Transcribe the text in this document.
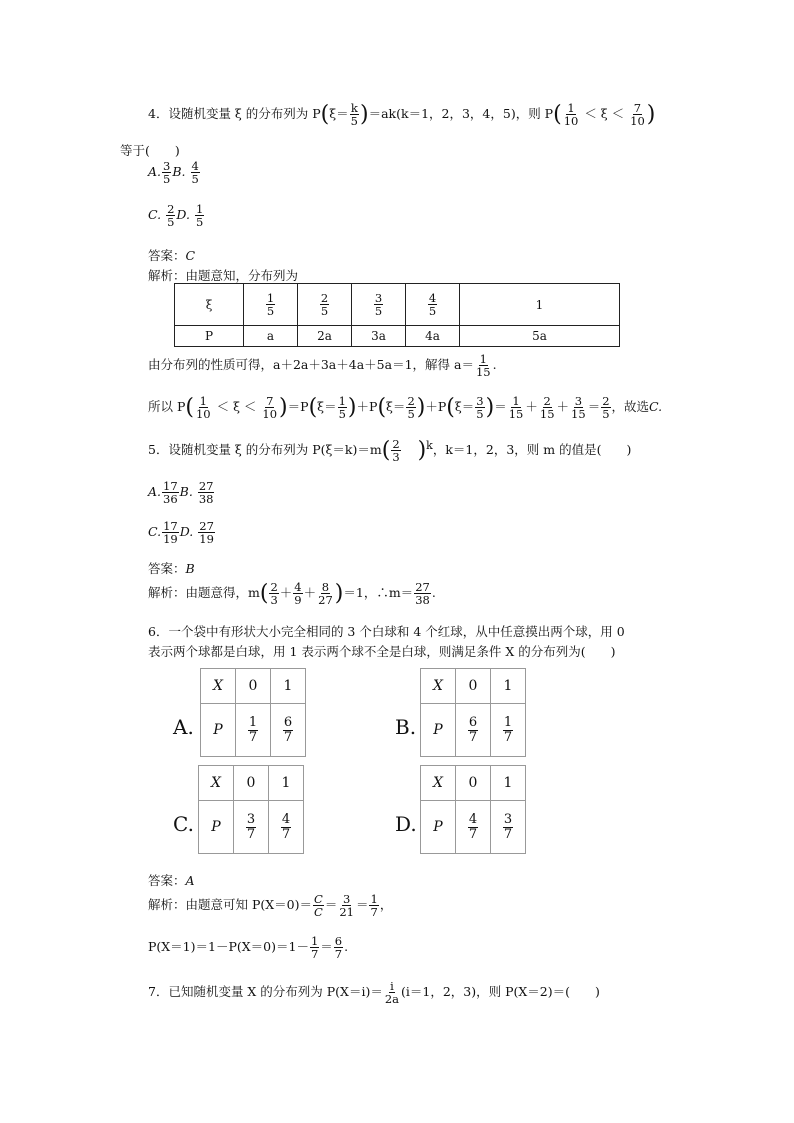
4．设随机变量 ξ 的分布列为 $P(\xi= \frac{k}{5} )=ak(k=1$，2，3，4，5)，则 $P( \frac{1}{10} < \xi < \frac{7}{10}$ )
等于(　　)
A. $\frac{3}{5} B$. $\frac{4}{5}$
C. $\frac{2}{5} D$. $\frac{1}{5}$
答案：C
解析：由题意知，分布列为
ξ	$\frac{1}{5}$	$\frac{2}{5}$	$\frac{3}{5}$	$\frac{4}{5}$	1
P	a	2a	3a	4a	5a
由分布列的性质可得，a＋2a＋3a＋4a＋5a＝1，解得 $a= \frac{1}{15}$ .
所以 $P( \frac{1}{10} < \xi < \frac{7}{10} )=P(\xi= \frac{1}{5} )+P(\xi= \frac{2}{5} )+P(\xi= \frac{3}{5}$ )＝ $\frac{1}{15} + \frac{2}{15} + \frac{3}{15} = \frac{2}{5}$ ，故选C.
5．设随机变量 ξ 的分布列为 $P(\xi=k)=m( \frac{2}{3} )^k$，k＝1，2，3，则 m 的值是(　　)
A. $\frac{17}{36} B$. $\frac{27}{38}$
C. $\frac{17}{19} D$. $\frac{27}{19}$
答案：B
解析：由题意得，$m( \frac{2}{3} + \frac{4}{9} + \frac{8}{27} )=1$，∴m＝ $\frac{27}{38}$ .
6．一个袋中有形状大小完全相同的 3 个白球和 4 个红球，从中任意摸出两个球，用 0
表示两个球都是白球，用 1 表示两个球不全是白球，则满足条件 X 的分布列为(　　)
A.
X	0	1
P	$\frac{1}{7}$	$\frac{6}{7}$	B.
X	0	1
P	$\frac{6}{7}$	$\frac{1}{7}$
C.
X	0	1
P	$\frac{3}{7}$	$\frac{4}{7}$	D.
X	0	1
P	$\frac{4}{7}$	$\frac{3}{7}$
答案：A
解析：由题意可知 $P(X=0)= \frac{C}{C} = \frac{3}{21} = \frac{1}{7}$ ，
$P(X=1)=1-P(X=0)=1- \frac{1}{7} = \frac{6}{7}$ .
7．已知随机变量 X 的分布列为 $P(X=i)= \frac{i}{2a} (i=1$，2，3)，则 P(X＝2)＝(　　)
